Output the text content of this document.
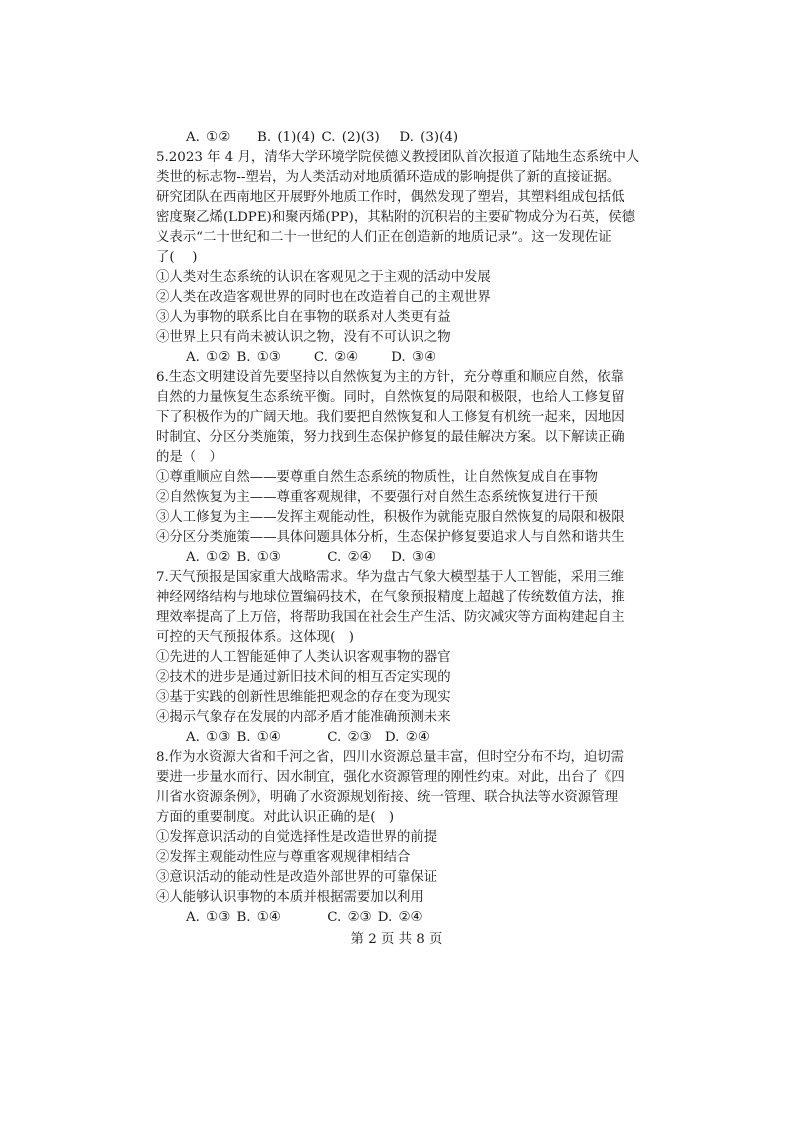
A. ①②　　B. (1)(4) C. (2)(3)　 D. (3)(4)
5.2023 年 4 月，清华大学环境学院侯德义教授团队首次报道了陆地生态系统中人
类世的标志物--塑岩，为人类活动对地质循环造成的影响提供了新的直接证据。
研究团队在西南地区开展野外地质工作时，偶然发现了塑岩，其塑料组成包括低
密度聚乙烯(LDPE)和聚丙烯(PP)，其粘附的沉积岩的主要矿物成分为石英，侯德
义表示“二十世纪和二十一世纪的人们正在创造新的地质记录”。这一发现佐证
了(　 )
①人类对生态系统的认识在客观见之于主观的活动中发展
②人类在改造客观世界的同时也在改造着自己的主观世界
③人为事物的联系比自在事物的联系对人类更有益
④世界上只有尚未被认识之物，没有不可认识之物
A. ①② B. ①③　　 C. ②④　　 D. ③④
6.生态文明建设首先要坚持以自然恢复为主的方针，充分尊重和顺应自然，依靠
自然的力量恢复生态系统平衡。同时，自然恢复的局限和极限，也给人工修复留
下了积极作为的广阔天地。我们要把自然恢复和人工修复有机统一起来，因地因
时制宜、分区分类施策，努力找到生态保护修复的最佳解决方案。以下解读正确
的是（　）
①尊重顺应自然——要尊重自然生态系统的物质性，让自然恢复成自在事物
②自然恢复为主——尊重客观规律，不要强行对自然生态系统恢复进行干预
③人工修复为主——发挥主观能动性，积极作为就能克服自然恢复的局限和极限
④分区分类施策——具体问题具体分析，生态保护修复要追求人与自然和谐共生
A. ①② B. ①③　　　 C. ②④　 D. ③④
7.天气预报是国家重大战略需求。华为盘古气象大模型基于人工智能，采用三维
神经网络结构与地球位置编码技术，在气象预报精度上超越了传统数值方法，推
理效率提高了上万倍，将帮助我国在社会生产生活、防灾减灾等方面构建起自主
可控的天气预报体系。这体现(　)
①先进的人工智能延伸了人类认识客观事物的器官
②技术的进步是通过新旧技术间的相互否定实现的
③基于实践的创新性思维能把观念的存在变为现实
④揭示气象存在发展的内部矛盾才能准确预测未来
A. ①③ B. ①④　　　 C. ②③　D. ②④
8.作为水资源大省和千河之省，四川水资源总量丰富，但时空分布不均，迫切需
要进一步量水而行、因水制宜，强化水资源管理的刚性约束。对此，出台了《四
川省水资源条例》，明确了水资源规划衔接、统一管理、联合执法等水资源管理
方面的重要制度。对此认识正确的是(　)
①发挥意识活动的自觉选择性是改造世界的前提
②发挥主观能动性应与尊重客观规律相结合
③意识活动的能动性是改造外部世界的可靠保证
④人能够认识事物的本质并根据需要加以利用
A. ①③ B. ①④　　　 C. ②③ D. ②④
第 2 页 共 8 页
